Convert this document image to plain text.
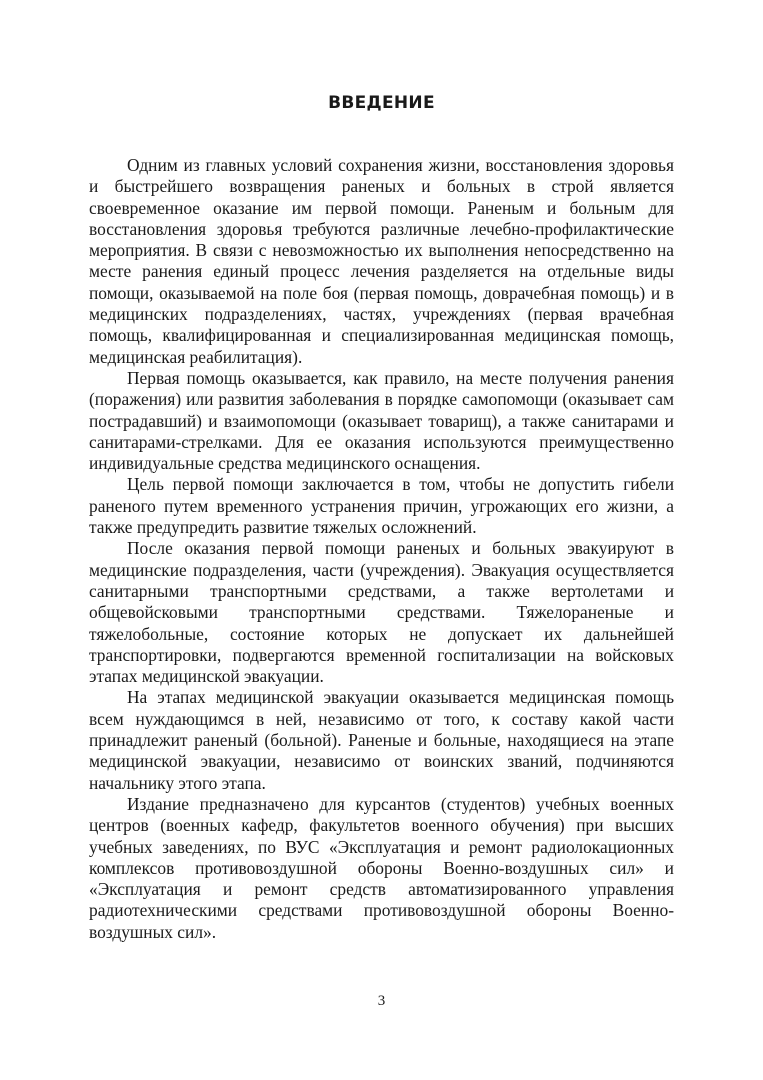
ВВЕДЕНИЕ

Одним из главных условий сохранения жизни, восстановления здоровья и быстрейшего возвращения раненых и больных в строй является своевременное оказание им первой помощи. Раненым и больным для восстановления здоровья требуются различные лечебно-профилактические мероприятия. В связи с невозможностью их выполнения непосредственно на месте ранения единый процесс лечения разделяется на отдельные виды помощи, оказываемой на поле боя (первая помощь, доврачебная помощь) и в медицинских подразделениях, частях, учреждениях (первая врачебная помощь, квалифицированная и специализированная медицинская помощь, медицинская реабилитация).

Первая помощь оказывается, как правило, на месте получения ранения (поражения) или развития заболевания в порядке самопомощи (оказывает сам пострадавший) и взаимопомощи (оказывает товарищ), а также санитарами и санитарами-стрелками. Для ее оказания используются преимущественно индивидуальные средства медицинского оснащения.

Цель первой помощи заключается в том, чтобы не допустить гибели раненого путем временного устранения причин, угрожающих его жизни, а также предупредить развитие тяжелых осложнений.

После оказания первой помощи раненых и больных эвакуируют в медицинские подразделения, части (учреждения). Эвакуация осуществляется санитарными транспортными средствами, а также вертолетами и общевойсковыми транспортными средствами. Тяжелораненые и тяжелобольные, состояние которых не допускает их дальнейшей транспортировки, подвергаются временной госпитализации на войсковых этапах медицинской эвакуации.

На этапах медицинской эвакуации оказывается медицинская помощь всем нуждающимся в ней, независимо от того, к составу какой части принадлежит раненый (больной). Раненые и больные, находящиеся на этапе медицинской эвакуации, независимо от воинских званий, подчиняются начальнику этого этапа.

Издание предназначено для курсантов (студентов) учебных военных центров (военных кафедр, факультетов военного обучения) при высших учебных заведениях, по ВУС «Эксплуатация и ремонт радиолокационных комплексов противовоздушной обороны Военно-воздушных сил» и «Эксплуатация и ремонт средств автоматизированного управления радиотехническими средствами противовоздушной обороны Военно-воздушных сил».

3
